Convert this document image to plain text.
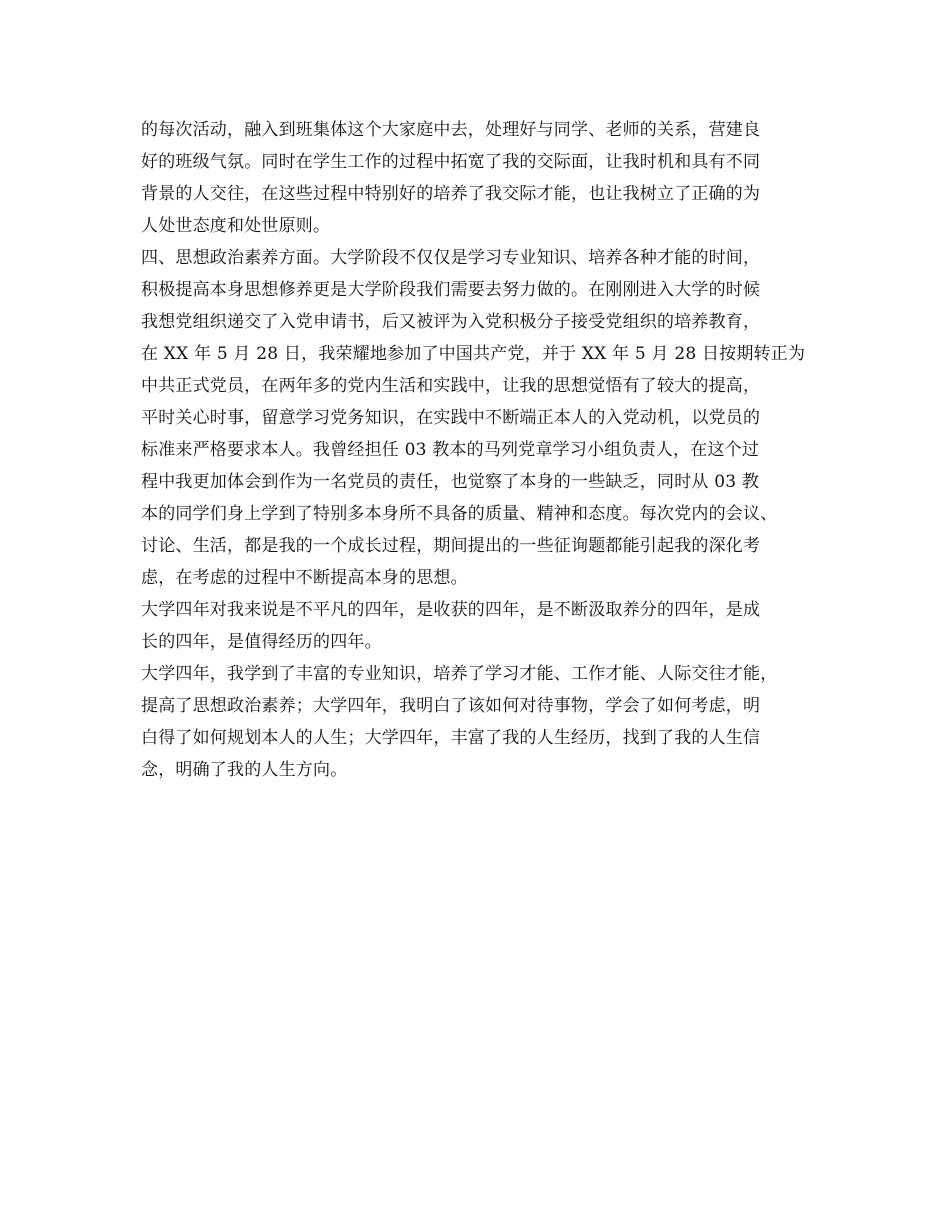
的每次活动，融入到班集体这个大家庭中去，处理好与同学、老师的关系，营建良
好的班级气氛。同时在学生工作的过程中拓宽了我的交际面，让我时机和具有不同
背景的人交往，在这些过程中特别好的培养了我交际才能，也让我树立了正确的为
人处世态度和处世原则。
四、思想政治素养方面。大学阶段不仅仅是学习专业知识、培养各种才能的时间，
积极提高本身思想修养更是大学阶段我们需要去努力做的。在刚刚进入大学的时候
我想党组织递交了入党申请书，后又被评为入党积极分子接受党组织的培养教育，
在 XX 年 5 月 28 日，我荣耀地参加了中国共产党，并于 XX 年 5 月 28 日按期转正为
中共正式党员，在两年多的党内生活和实践中，让我的思想觉悟有了较大的提高，
平时关心时事，留意学习党务知识，在实践中不断端正本人的入党动机，以党员的
标准来严格要求本人。我曾经担任 03 教本的马列党章学习小组负责人，在这个过
程中我更加体会到作为一名党员的责任，也觉察了本身的一些缺乏，同时从 03 教
本的同学们身上学到了特别多本身所不具备的质量、精神和态度。每次党内的会议、
讨论、生活，都是我的一个成长过程，期间提出的一些征询题都能引起我的深化考
虑，在考虑的过程中不断提高本身的思想。
大学四年对我来说是不平凡的四年，是收获的四年，是不断汲取养分的四年，是成
长的四年，是值得经历的四年。
大学四年，我学到了丰富的专业知识，培养了学习才能、工作才能、人际交往才能，
提高了思想政治素养；大学四年，我明白了该如何对待事物，学会了如何考虑，明
白得了如何规划本人的人生；大学四年，丰富了我的人生经历，找到了我的人生信
念，明确了我的人生方向。
